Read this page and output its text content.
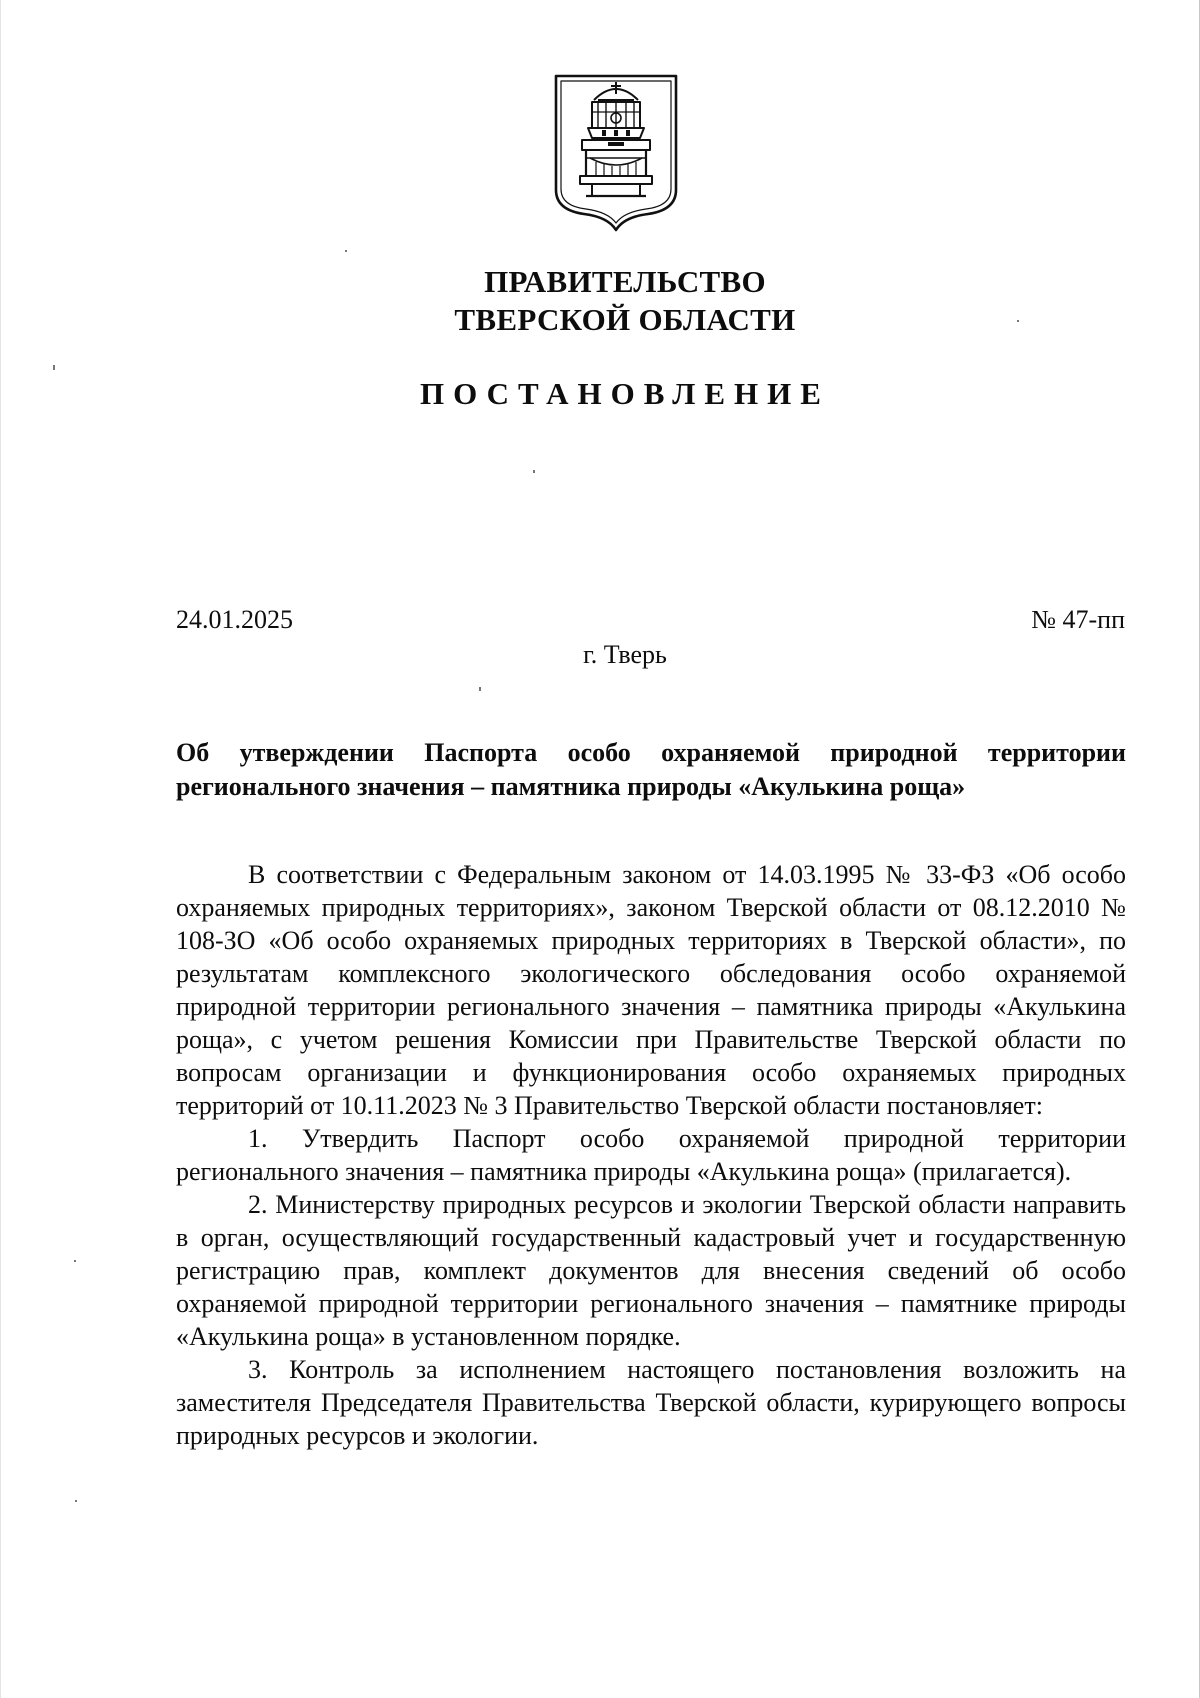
ПРАВИТЕЛЬСТВО
ТВЕРСКОЙ ОБЛАСТИ
ПОСТАНОВЛЕНИЕ
24.01.2025	№ 47-пп
г. Тверь
Об утверждении Паспорта особо охраняемой природной территории регионального значения – памятника природы «Акулькина роща»

В соответствии с Федеральным законом от 14.03.1995 № 33-ФЗ «Об особо охраняемых природных территориях», законом Тверской области от 08.12.2010 № 108-ЗО «Об особо охраняемых природных территориях в Тверской области», по результатам комплексного экологического обследования особо охраняемой природной территории регионального значения – памятника природы «Акулькина роща», с учетом решения Комиссии при Правительстве Тверской области по вопросам организации и функционирования особо охраняемых природных территорий от 10.11.2023 № 3 Правительство Тверской области постановляет:

1. Утвердить Паспорт особо охраняемой природной территории регионального значения – памятника природы «Акулькина роща» (прилагается).

2. Министерству природных ресурсов и экологии Тверской области направить в орган, осуществляющий государственный кадастровый учет и государственную регистрацию прав, комплект документов для внесения сведений об особо охраняемой природной территории регионального значения – памятнике природы «Акулькина роща» в установленном порядке.

3. Контроль за исполнением настоящего постановления возложить на заместителя Председателя Правительства Тверской области, курирующего вопросы природных ресурсов и экологии.
